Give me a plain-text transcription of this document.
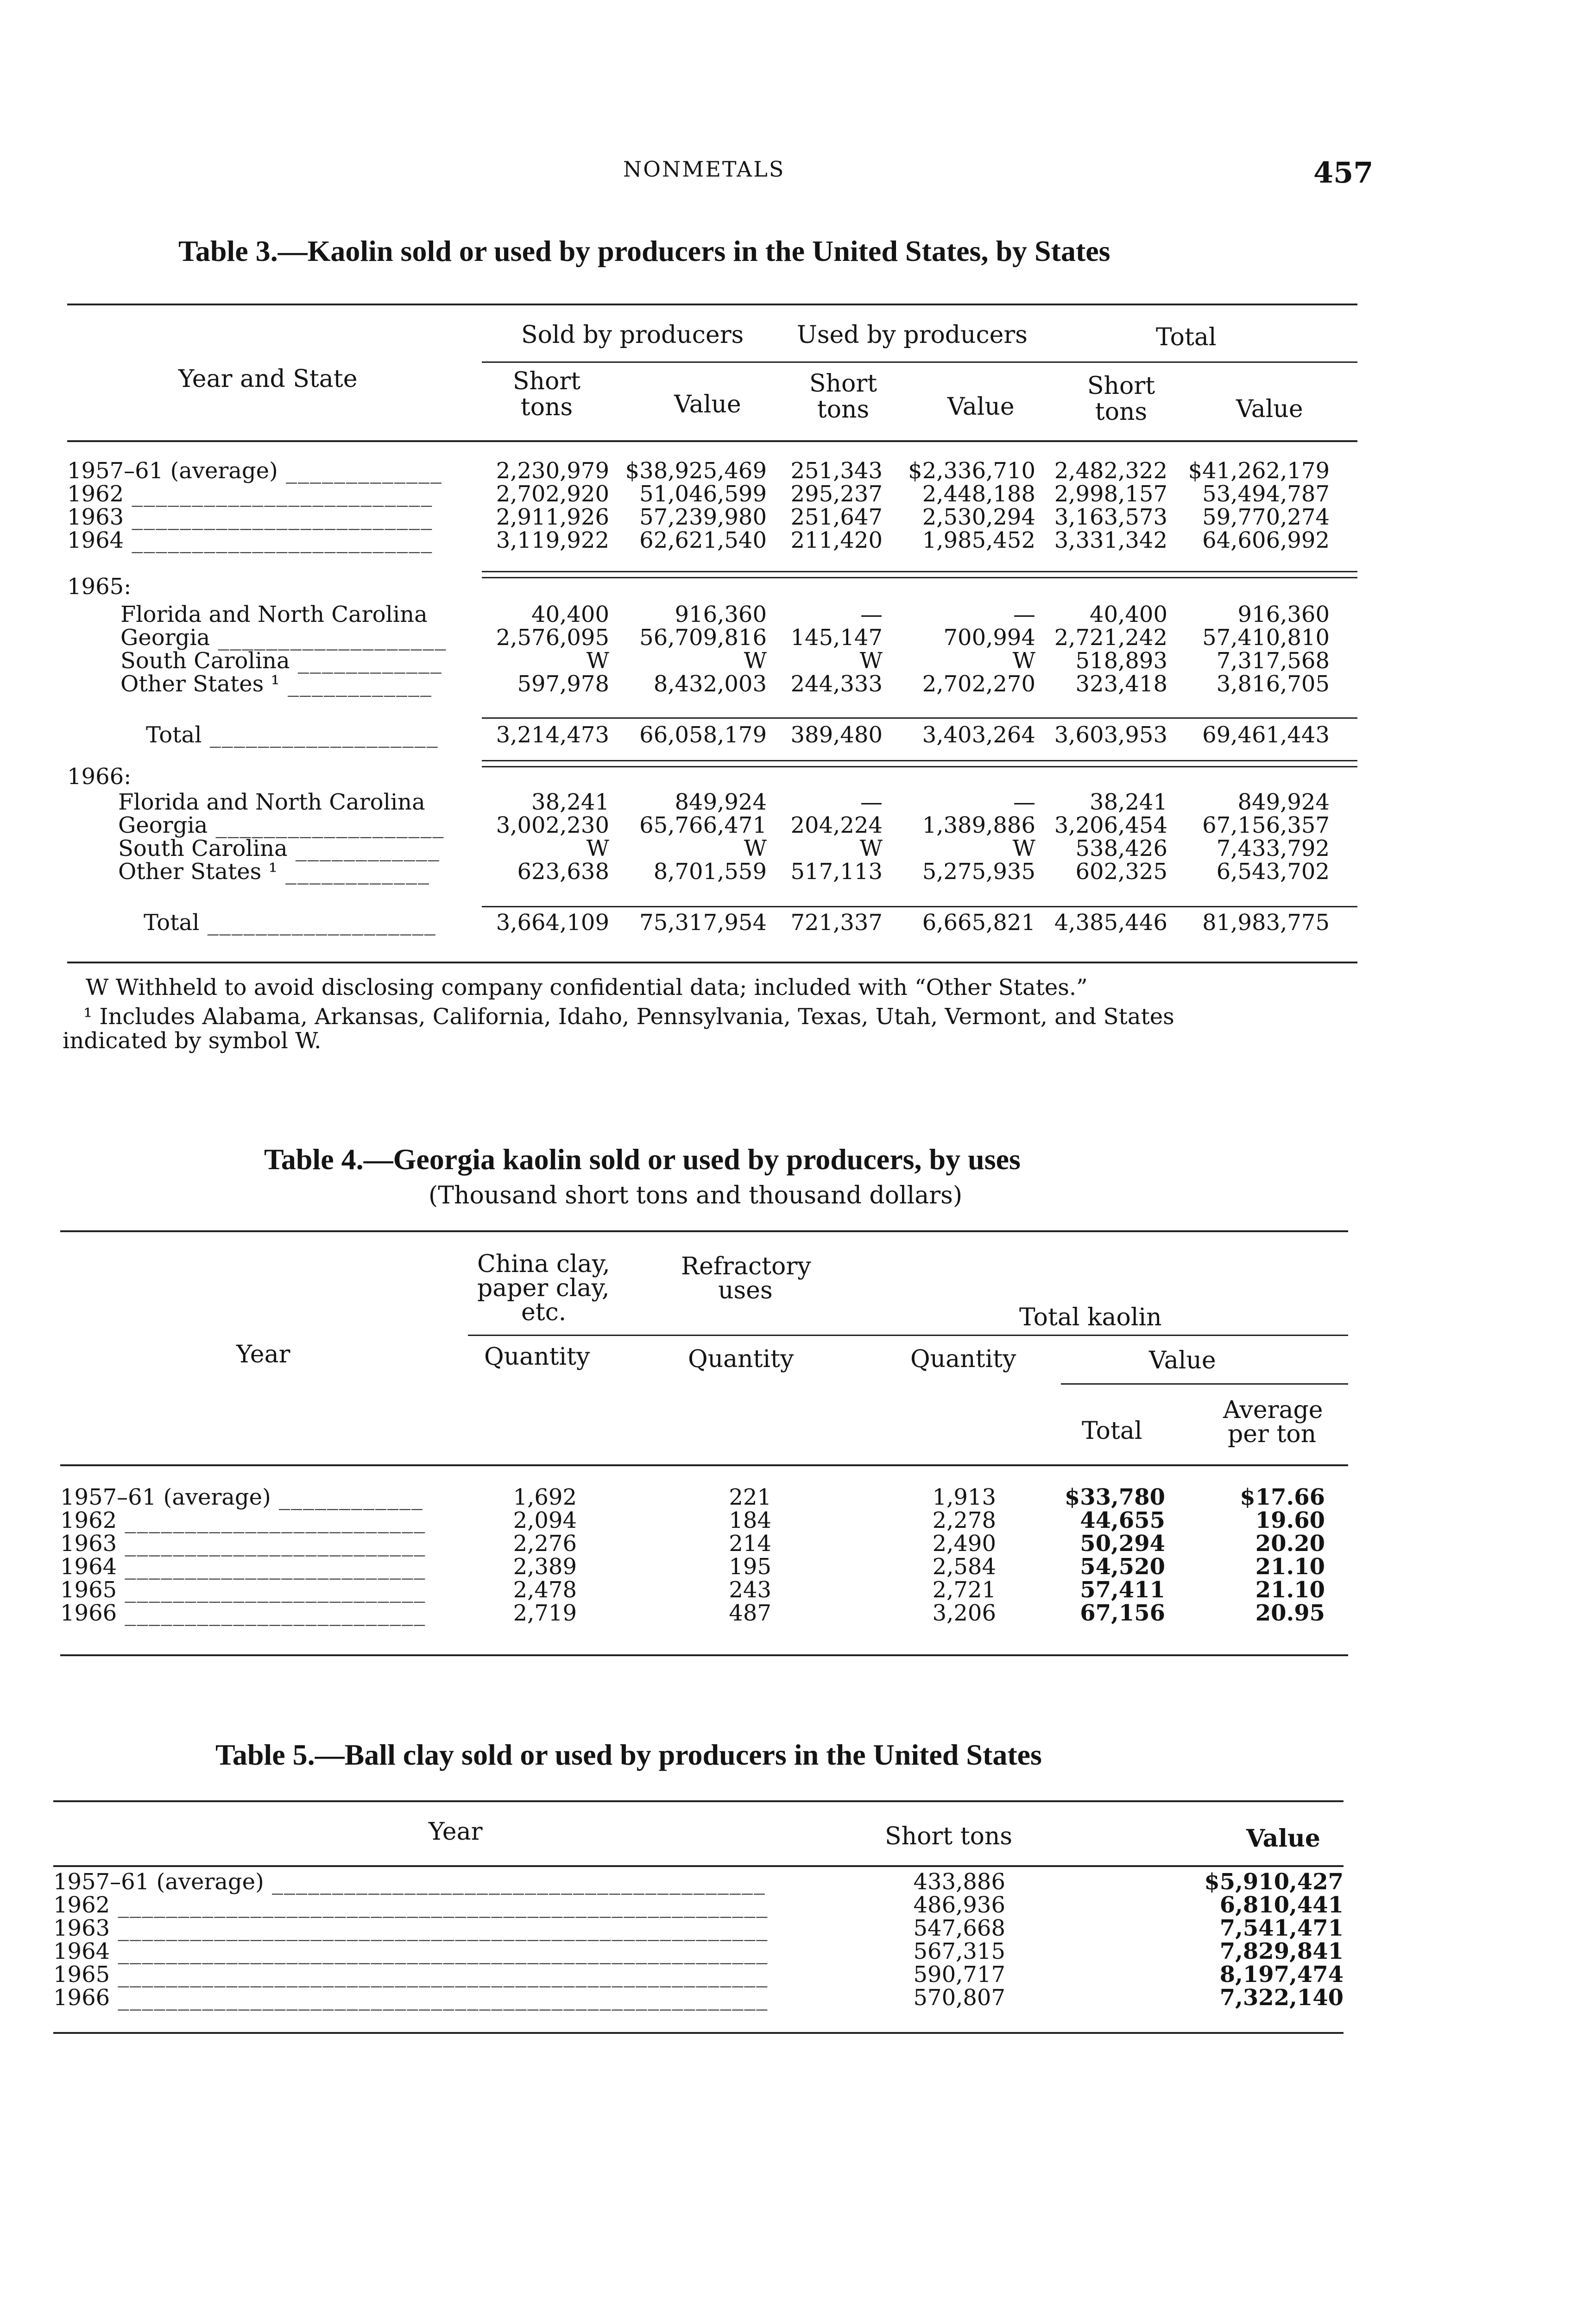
NONMETALS	457
Table 3.—Kaolin sold or used by producers in the United States, by States
Year and State
Sold by producers Used by producers	Total
Short tons	Value
Short tons	Value
Short tons	Value
1957–61 (average) _____________ 2,230,979 $38,925,469 251,343 $2,336,710 2,482,322 $41,262,179
1962 _________________________	2,702,920 51,046,599 295,237 2,448,188 2,998,157 53,494,787
1963 _________________________	2,911,926 57,239,980 251,647 2,530,294 3,163,573 59,770,274
1964 _________________________	3,119,922 62,621,540 211,420 1,985,452 3,331,342 64,606,992
1965:
Florida and North Carolina	40,400	916,360	—	— 40,400	916,360
Georgia ___________________ 2,576,095 56,709,816 145,147	700,994 2,721,242 57,410,810
South Carolina ____________	W	W	W	W 518,893 7,317,568
Other States ¹ ____________	597,978 8,432,003 244,333 2,702,270 323,418 3,816,705
Total ___________________	3,214,473 66,058,179 389,480 3,403,264 3,603,953 69,461,443
1966:
Florida and North Carolina	38,241	849,924	—	— 38,241	849,924
Georgia ___________________ 3,002,230 65,766,471 204,224 1,389,886 3,206,454 67,156,357
South Carolina ____________	W	W	W	W 538,426 7,433,792
Other States ¹ ____________	623,638 8,701,559 517,113 5,275,935 602,325 6,543,702
Total ___________________	3,664,109 75,317,954 721,337 6,665,821 4,385,446 81,983,775
W Withheld to avoid disclosing company confidential data; included with “Other States.”
¹ Includes Alabama, Arkansas, California, Idaho, Pennsylvania, Texas, Utah, Vermont, and States
indicated by symbol W.
Table 4.—Georgia kaolin sold or used by producers, by uses
(Thousand short tons and thousand dollars)
Year
China clay,
paper clay,
etc.
Refractory
uses
Total kaolin
Quantity	Quantity	Quantity	Value
Total
Average
per ton
1957–61 (average) ____________	1,692	221	1,913	$33,780	$17.66
1962 _________________________	2,094	184	2,278	44,655	19.60
1963 _________________________	2,276	214	2,490	50,294	20.20
1964 _________________________	2,389	195	2,584	54,520	21.10
1965 _________________________	2,478	243	2,721	57,411	21.10
1966 _________________________	2,719	487	3,206	67,156	20.95
Table 5.—Ball clay sold or used by producers in the United States
Year	Short tons	Value
1957–61 (average) _________________________________________	433,886	$5,910,427
1962 ______________________________________________________	486,936	6,810,441
1963 ______________________________________________________	547,668	7,541,471
1964 ______________________________________________________	567,315	7,829,841
1965 ______________________________________________________	590,717	8,197,474
1966 ______________________________________________________	570,807	7,322,140
